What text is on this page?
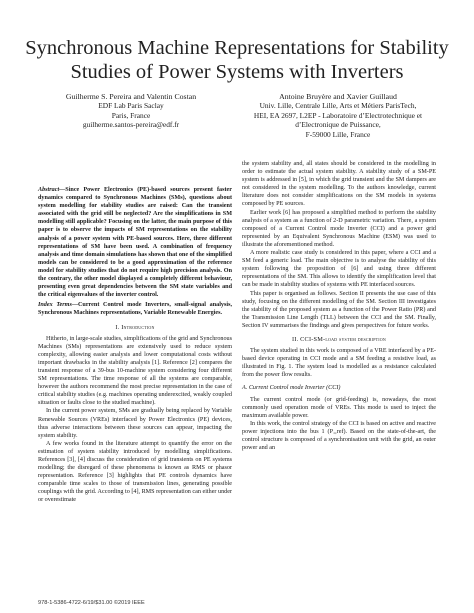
Synchronous Machine Representations for Stability Studies of Power Systems with Inverters
Guilherme S. Pereira and Valentin Costan
EDF Lab Paris Saclay
Paris, France
guilherme.santos-pereira@edf.fr
Antoine Bruyère and Xavier Guillaud
Univ. Lille, Centrale Lille, Arts et Métiers ParisTech,
HEI, EA 2697, L2EP - Laboratoire d’Electrotechnique et
d’Electronique de Puissance,
F-59000 Lille, France
Abstract—Since Power Electronics (PE)-based sources present faster dynamics compared to Synchronous Machines (SMs), questions about system modelling for stability studies are raised: Can the transient associated with the grid still be neglected? Are the simplifications in SM modelling still applicable? Focusing on the latter, the main purpose of this paper is to observe the impacts of SM representations on the stability analysis of a power system with PE-based sources. Here, three different representations of SM have been used. A combination of frequency analysis and time domain simulations has shown that one of the simplified models can be considered to be a good approximation of the reference model for stability studies that do not require high precision analysis. On the contrary, the other model displayed a completely different behaviour, presenting even great dependencies between the SM state variables and the critical eigenvalues of the inverter control.
Index Terms—Current Control mode Inverters, small-signal analysis, Synchronous Machines representations, Variable Renewable Energies.
I. Introduction

Hitherto, in large-scale studies, simplifications of the grid and Synchronous Machines (SMs) representations are extensively used to reduce system complexity, allowing easier analysis and lower computational costs without important drawbacks in the stability analysis [1]. Reference [2] compares the transient response of a 39-bus 10-machine system considering four different SM representations. The time response of all the systems are comparable, however the authors recommend the most precise representation in the case of critical stability studies (e.g. machines operating underexcited, weakly coupled situation or faults close to the studied machine).

In the current power system, SMs are gradually being replaced by Variable Renewable Sources (VREs) interfaced by Power Electronics (PE) devices, thus adverse interactions between these sources can appear, impacting the system stability.

A few works found in the literature attempt to quantify the error on the estimation of system stability introduced by modelling simplifications. References [3], [4] discuss the consideration of grid transients on PE systems modelling; the disregard of these phenomena is known as RMS or phasor representation. Reference [3] highlights that PE controls dynamics have comparable time scales to those of transmission lines, generating possible couplings with the grid. According to [4], RMS representation can either under or overestimate

the system stability and, all states should be considered in the modelling in order to estimate the actual system stability. A stability study of a SM-PE system is addressed in [5], in which the grid transient and the SM dampers are not considered in the system modelling. To the authors knowledge, current literature does not consider simplifications on the SM models in systems composed by PE sources.

Earlier work [6] has proposed a simplified method to perform the stability analysis of a system as a function of 2-D parametric variation. There, a system composed of a Current Control mode Inverter (CCI) and a power grid represented by an Equivalent Synchronous Machine (ESM) was used to illustrate the aforementioned method.

A more realistic case study is considered in this paper, where a CCI and a SM feed a generic load. The main objective is to analyse the stability of this system following the proposition of [6] and using three different representations of the SM. This allows to identify the simplification level that can be made in stability studies of systems with PE interfaced sources.

This paper is organised as follows. Section II presents the use case of this study, focusing on the different modelling of the SM. Section III investigates the stability of the proposed system as a function of the Power Ratio (PR) and the Transmission Line Length (TLL) between the CCI and the SM. Finally, Section IV summarises the findings and gives perspectives for future works.

II. CCI-SM-load system description

The system studied in this work is composed of a VRE interfaced by a PE-based device operating in CCI mode and a SM feeding a resistive load, as illustrated in Fig. 1. The system load is modelled as a resistance calculated from the power flow results.

A. Current Control mode Inverter (CCI)

The current control mode (or grid-feeding) is, nowadays, the most commonly used operation mode of VREs. This mode is used to inject the maximum available power.

In this work, the control strategy of the CCI is based on active and reactive power injections into the bus 1 (P₁,ref). Based on the state-of-the-art, the control structure is composed of a synchronisation unit with the grid, an outer power and an

978-1-5386-4722-6/19/$31.00 ©2019 IEEE
